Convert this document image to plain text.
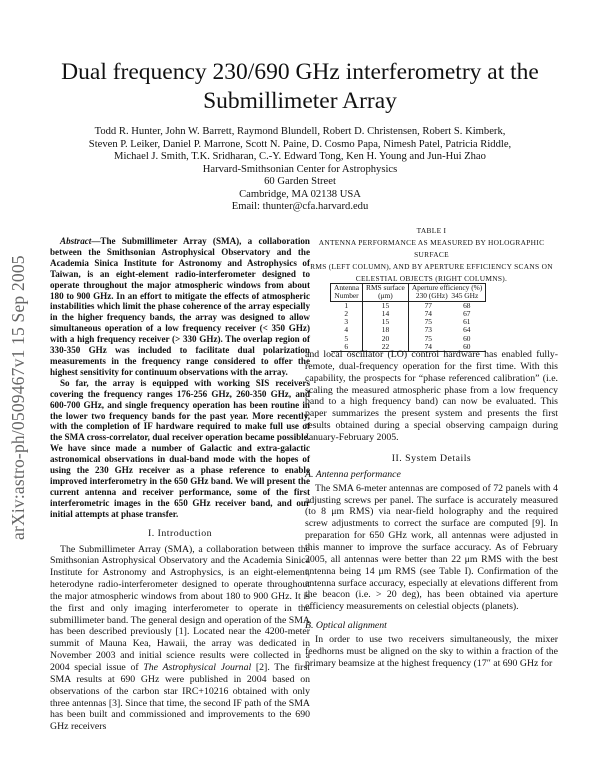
arXiv:astro-ph/0509467v1 15 Sep 2005
Dual frequency 230/690 GHz interferometry at the
Submillimeter Array
Todd R. Hunter, John W. Barrett, Raymond Blundell, Robert D. Christensen, Robert S. Kimberk,
Steven P. Leiker, Daniel P. Marrone, Scott N. Paine, D. Cosmo Papa, Nimesh Patel, Patricia Riddle,
Michael J. Smith, T.K. Sridharan, C.-Y. Edward Tong, Ken H. Young and Jun-Hui Zhao
Harvard-Smithsonian Center for Astrophysics
60 Garden Street
Cambridge, MA 02138 USA
Email: thunter@cfa.harvard.edu

Abstract—The Submillimeter Array (SMA), a collaboration between the Smithsonian Astrophysical Observatory and the Academia Sinica Institute for Astronomy and Astrophysics of Taiwan, is an eight-element radio-interferometer designed to operate throughout the major atmospheric windows from about 180 to 900 GHz. In an effort to mitigate the effects of atmospheric instabilities which limit the phase coherence of the array especially in the higher frequency bands, the array was designed to allow simultaneous operation of a low frequency receiver (< 350 GHz) with a high frequency receiver (> 330 GHz). The overlap region of 330-350 GHz was included to facilitate dual polarization measurements in the frequency range considered to offer the highest sensitivity for continuum observations with the array.

So far, the array is equipped with working SIS receivers covering the frequency ranges 176-256 GHz, 260-350 GHz, and 600-700 GHz, and single frequency operation has been routine in the lower two frequency bands for the past year. More recently, with the completion of IF hardware required to make full use of the SMA cross-correlator, dual receiver operation became possible. We have since made a number of Galactic and extra-galactic astronomical observations in dual-band mode with the hopes of using the 230 GHz receiver as a phase reference to enable improved interferometry in the 650 GHz band. We will present the current antenna and receiver performance, some of the first interferometric images in the 650 GHz receiver band, and our initial attempts at phase transfer.

I. Introduction

The Submillimeter Array (SMA), a collaboration between the Smithsonian Astrophysical Observatory and the Academia Sinica Institute for Astronomy and Astrophysics, is an eight-element, heterodyne radio-interferometer designed to operate throughout the major atmospheric windows from about 180 to 900 GHz. It is the first and only imaging interferometer to operate in the submillimeter band. The general design and operation of the SMA has been described previously [1]. Located near the 4200-meter summit of Mauna Kea, Hawaii, the array was dedicated in November 2003 and initial science results were collected in a 2004 special issue of The Astrophysical Journal [2]. The first SMA results at 690 GHz were published in 2004 based on observations of the carbon star IRC+10216 obtained with only three antennas [3]. Since that time, the second IF path of the SMA has been built and commissioned and improvements to the 690 GHz receivers

TABLE I
ANTENNA PERFORMANCE AS MEASURED BY HOLOGRAPHIC SURFACE
RMS (LEFT COLUMN), AND BY APERTURE EFFICIENCY SCANS ON
CELESTIAL OBJECTS (RIGHT COLUMNS).
Antenna
Number	RMS surface
(μm)	Aperture efficiency (%)
230 (GHz) 345 GHz	
1	15	77	68
2	14	74	67
3	15	75	61
4	18	73	64
5	20	75	60
6	22	74	60

and local oscillator (LO) control hardware has enabled fully-remote, dual-frequency operation for the first time. With this capability, the prospects for “phase referenced calibration” (i.e. scaling the measured atmospheric phase from a low frequency band to a high frequency band) can now be evaluated. This paper summarizes the present system and presents the first results obtained during a special observing campaign during January-February 2005.

II. System Details
A. Antenna performance

The SMA 6-meter antennas are composed of 72 panels with 4 adjusting screws per panel. The surface is accurately measured (to 8 μm RMS) via near-field holography and the required screw adjustments to correct the surface are computed [9]. In preparation for 650 GHz work, all antennas were adjusted in this manner to improve the surface accuracy. As of February 2005, all antennas were better than 22 μm RMS with the best antenna being 14 μm RMS (see Table I). Confirmation of the antenna surface accuracy, especially at elevations different from the beacon (i.e. > 20 deg), has been obtained via aperture efficiency measurements on celestial objects (planets).

B. Optical alignment

In order to use two receivers simultaneously, the mixer feedhorns must be aligned on the sky to within a fraction of the primary beamsize at the highest frequency (17″ at 690 GHz for
